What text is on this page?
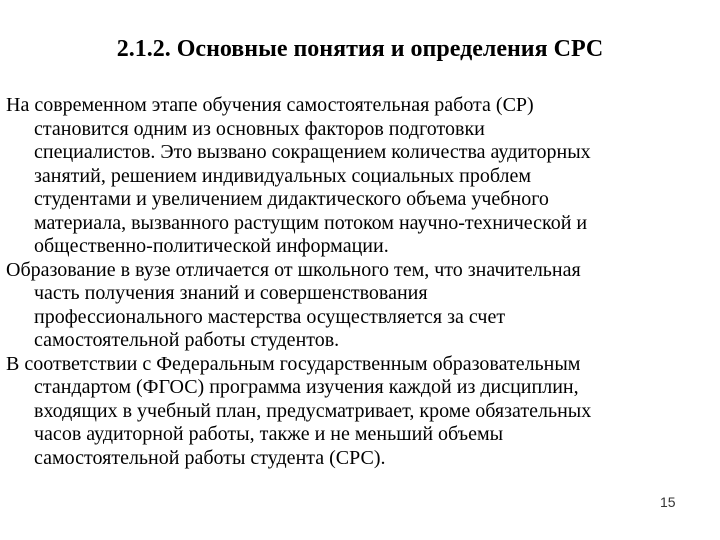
2.1.2. Основные понятия и определения СРС

На современном этапе обучения самостоятельная работа (СР)
становится одним из основных факторов подготовки
специалистов. Это вызвано сокращением количества аудиторных
занятий, решением индивидуальных социальных проблем
студентами и увеличением дидактического объема учебного
материала, вызванного растущим потоком научно-технической и
общественно-политической информации.

Образование в вузе отличается от школьного тем, что значительная
часть получения знаний и совершенствования
профессионального мастерства осуществляется за счет
самостоятельной работы студентов.

В соответствии с Федеральным государственным образовательным
стандартом (ФГОС) программа изучения каждой из дисциплин,
входящих в учебный план, предусматривает, кроме обязательных
часов аудиторной работы, также и не меньший объемы
самостоятельной работы студента (СРС).

15
